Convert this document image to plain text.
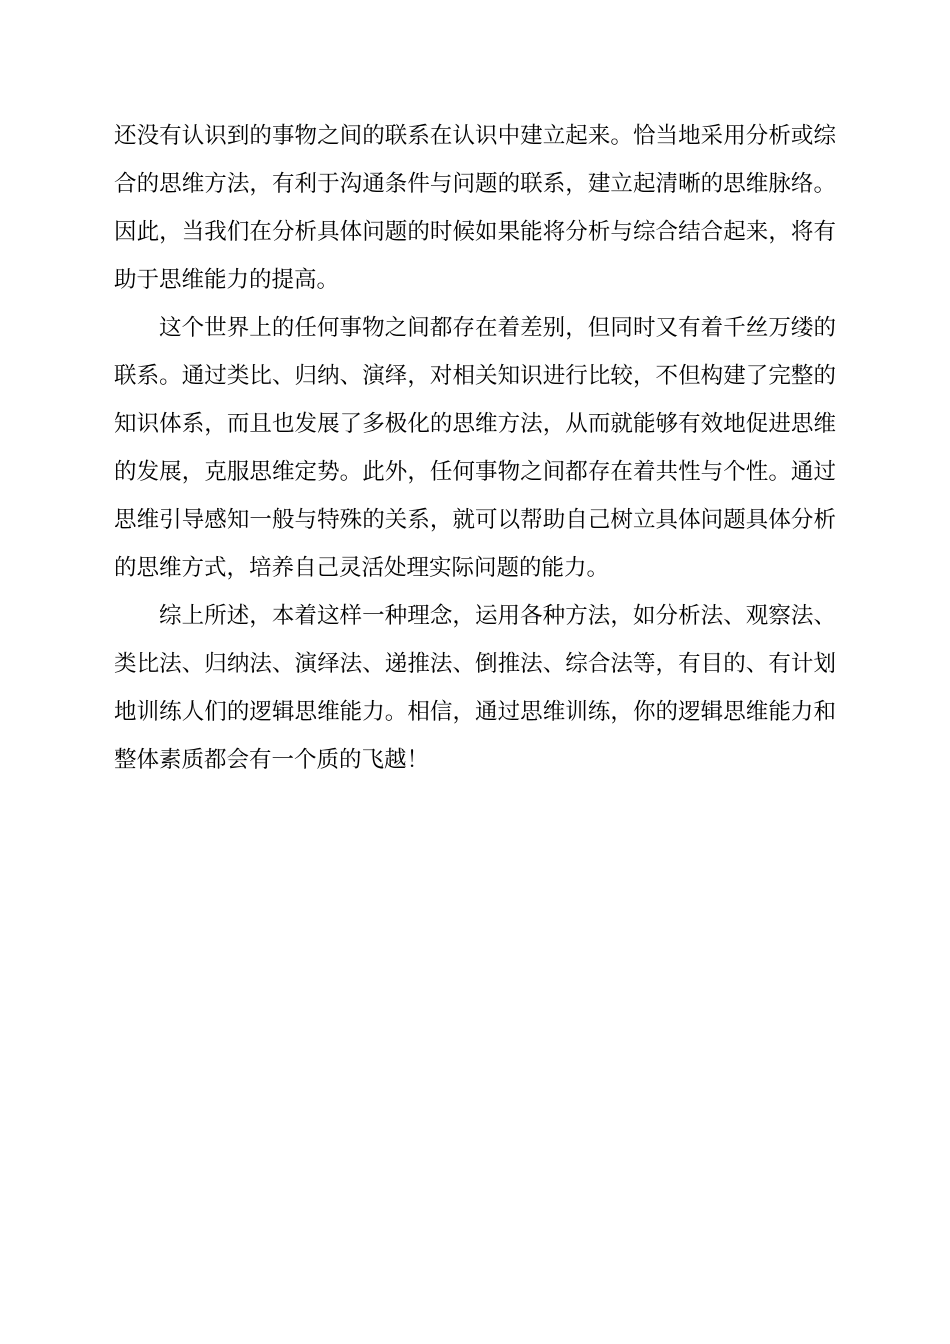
还没有认识到的事物之间的联系在认识中建立起来。恰当地采用分析或综
合的思维方法，有利于沟通条件与问题的联系，建立起清晰的思维脉络。
因此，当我们在分析具体问题的时候如果能将分析与综合结合起来，将有
助于思维能力的提高。
这个世界上的任何事物之间都存在着差别，但同时又有着千丝万缕的
联系。通过类比、归纳、演绎，对相关知识进行比较，不但构建了完整的
知识体系，而且也发展了多极化的思维方法，从而就能够有效地促进思维
的发展，克服思维定势。此外，任何事物之间都存在着共性与个性。通过
思维引导感知一般与特殊的关系，就可以帮助自己树立具体问题具体分析
的思维方式，培养自己灵活处理实际问题的能力。
综上所述，本着这样一种理念，运用各种方法，如分析法、观察法、
类比法、归纳法、演绎法、递推法、倒推法、综合法等，有目的、有计划
地训练人们的逻辑思维能力。相信，通过思维训练，你的逻辑思维能力和
整体素质都会有一个质的飞越！
